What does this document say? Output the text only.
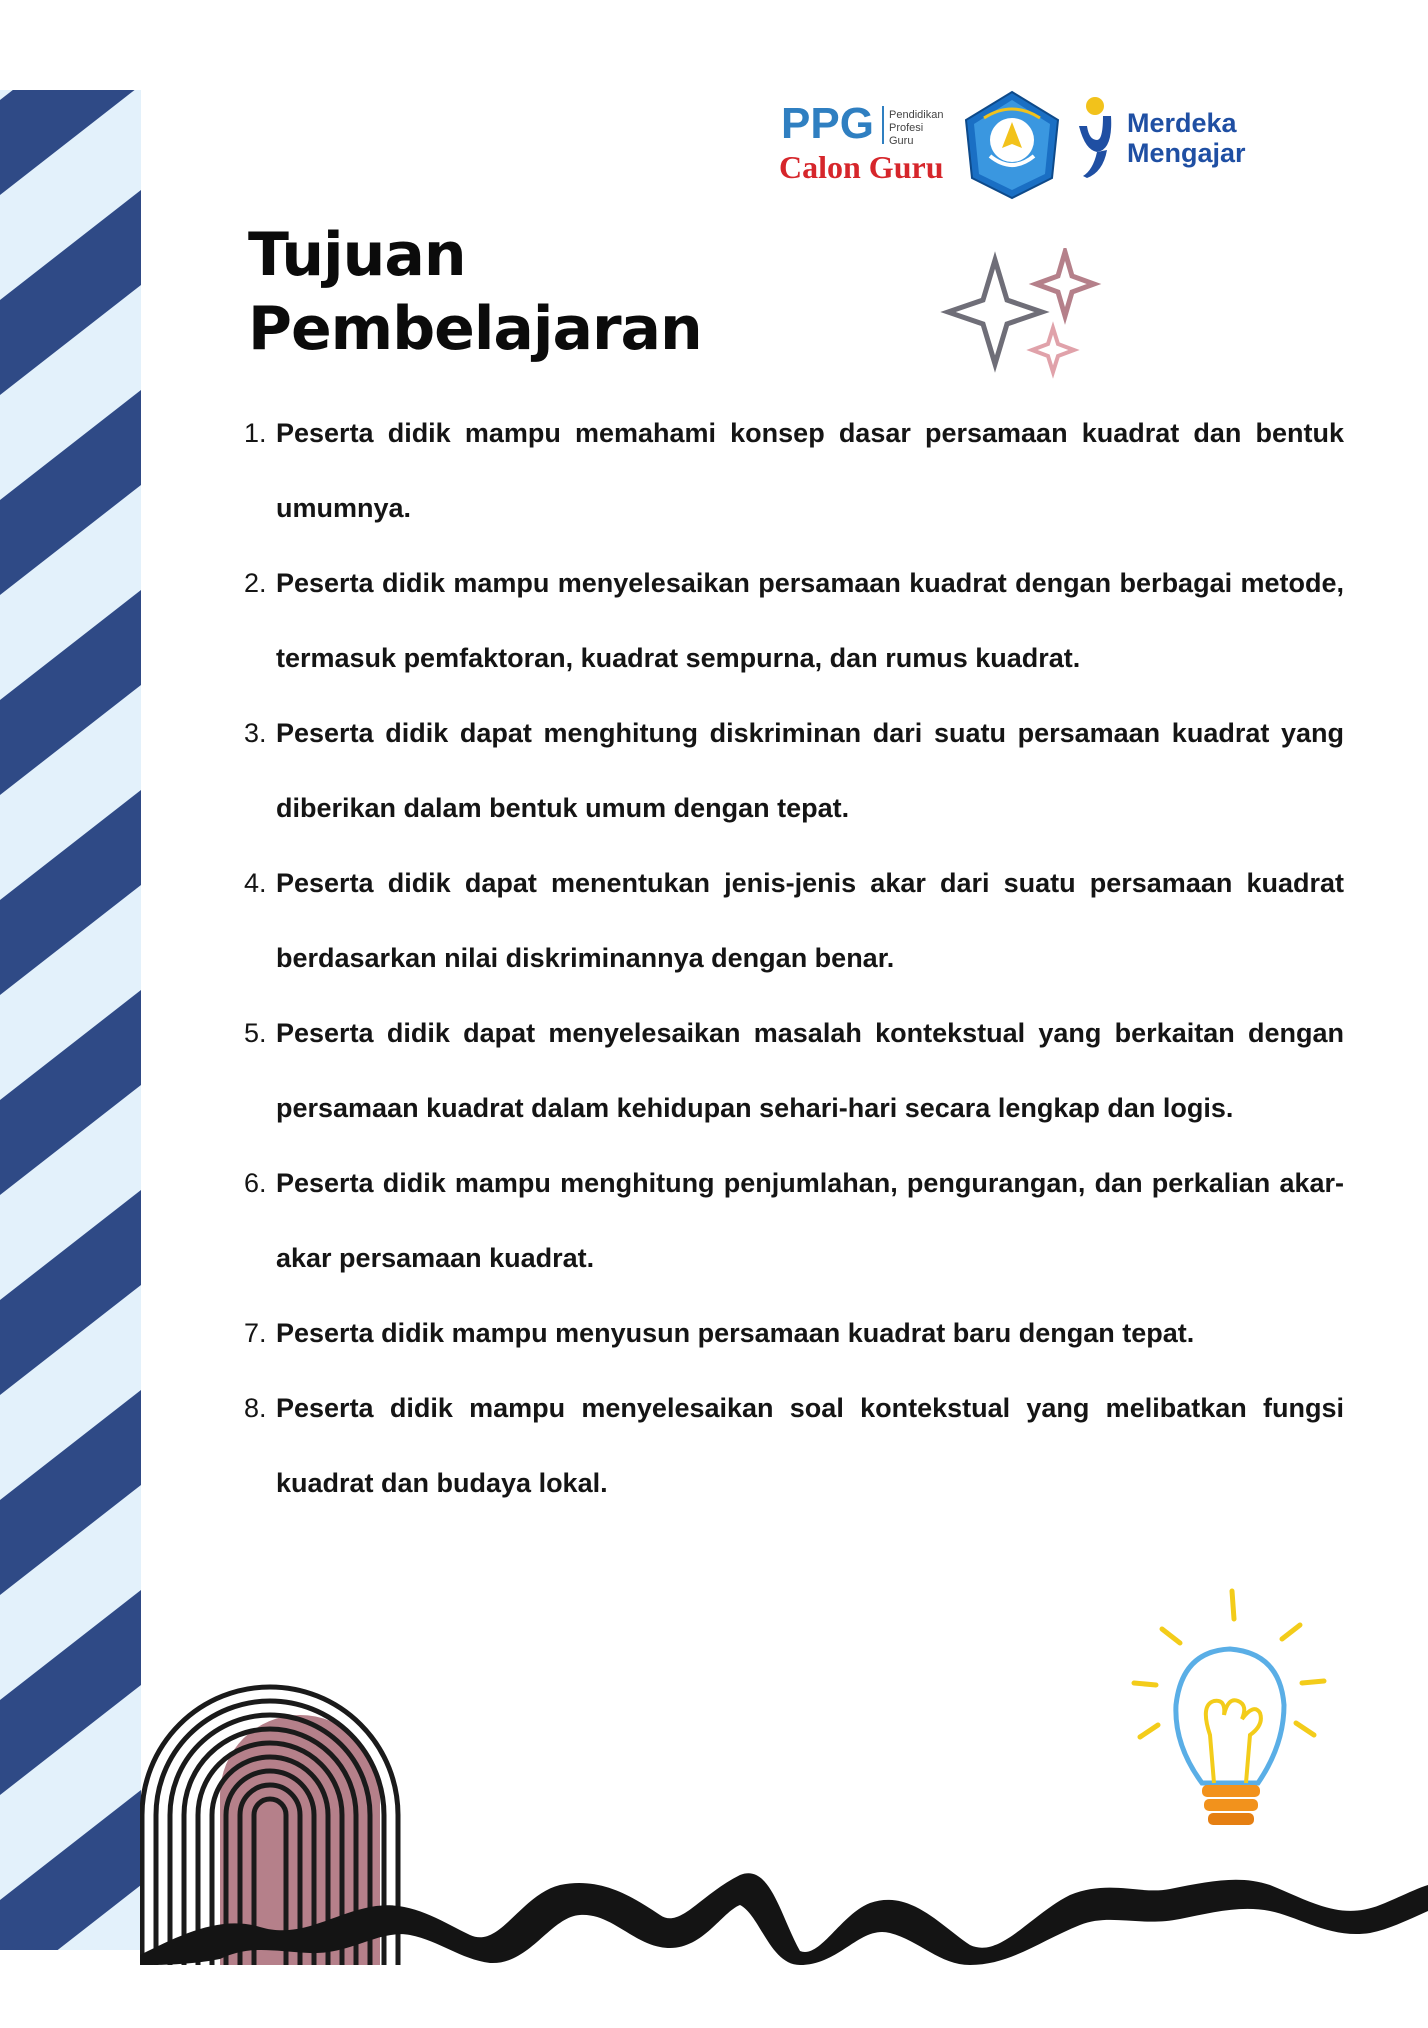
PPG Pendidikan
Profesi
Guru
Calon Guru
Merdeka
Mengajar
Tujuan
Pembelajaran
1. Peserta didik mampu memahami konsep dasar persamaan kuadrat dan bentuk umumnya.
2. Peserta didik mampu menyelesaikan persamaan kuadrat dengan berbagai metode, termasuk pemfaktoran, kuadrat sempurna, dan rumus kuadrat.
3. Peserta didik dapat menghitung diskriminan dari suatu persamaan kuadrat yang diberikan dalam bentuk umum dengan tepat.
4. Peserta didik dapat menentukan jenis-jenis akar dari suatu persamaan kuadrat berdasarkan nilai diskriminannya dengan benar.
5. Peserta didik dapat menyelesaikan masalah kontekstual yang berkaitan dengan persamaan kuadrat dalam kehidupan sehari-hari secara lengkap dan logis.
6. Peserta didik mampu menghitung penjumlahan, pengurangan, dan perkalian akar-akar persamaan kuadrat.
7. Peserta didik mampu menyusun persamaan kuadrat baru dengan tepat.
8. Peserta didik mampu menyelesaikan soal kontekstual yang melibatkan fungsi kuadrat dan budaya lokal.
